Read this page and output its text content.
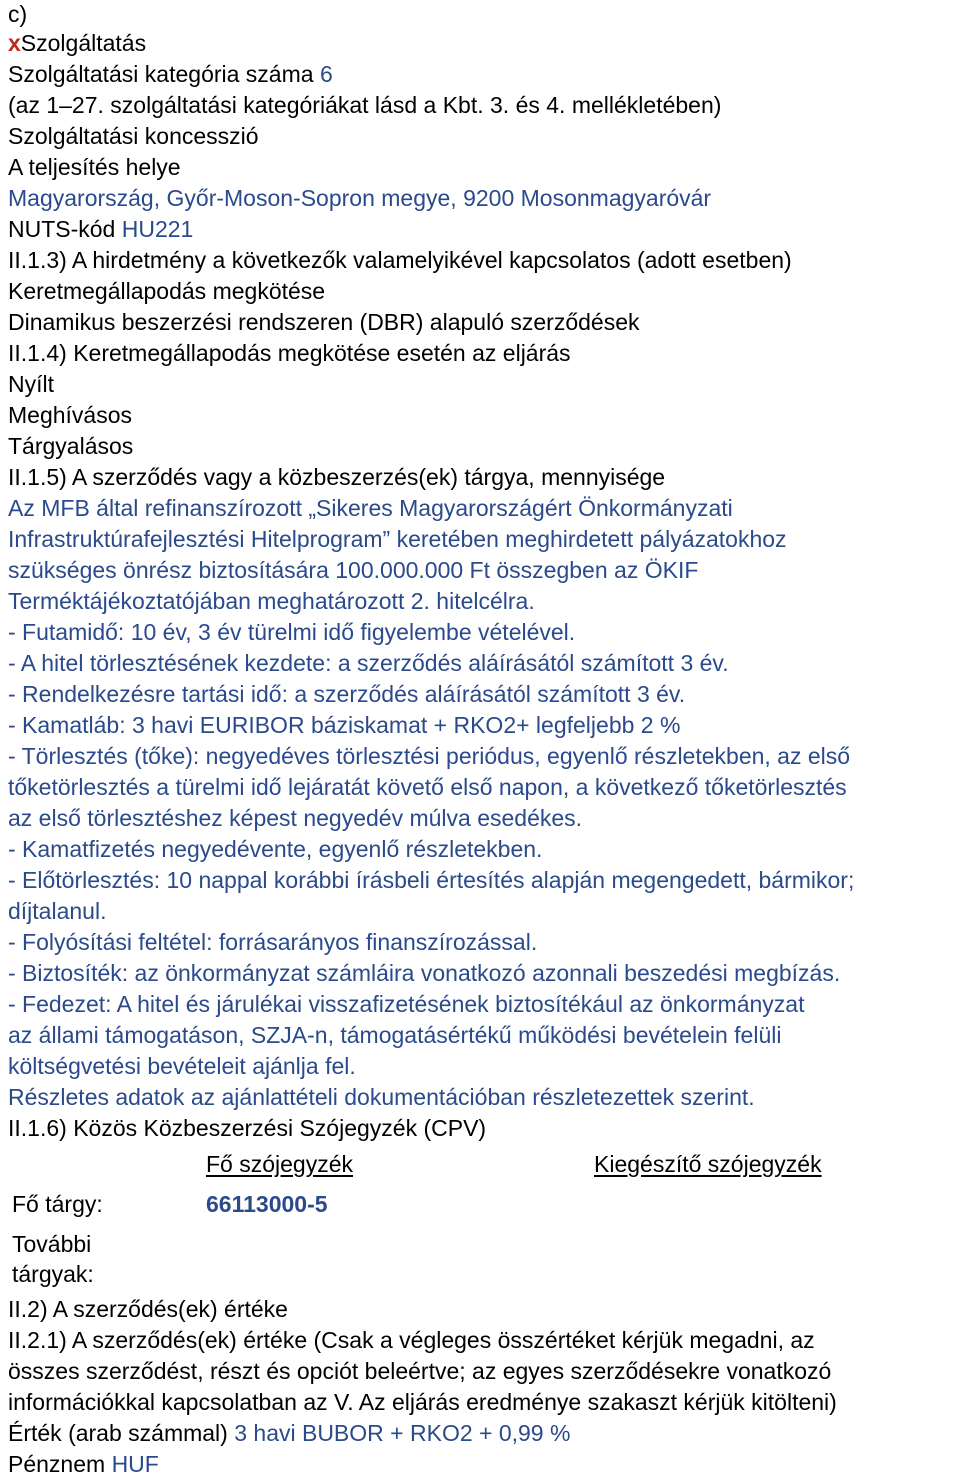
c)
xSzolgáltatás
Szolgáltatási kategória száma 6
(az 1–27. szolgáltatási kategóriákat lásd a Kbt. 3. és 4. mellékletében)
Szolgáltatási koncesszió
A teljesítés helye
Magyarország, Győr-Moson-Sopron megye, 9200 Mosonmagyaróvár
NUTS-kód HU221
II.1.3) A hirdetmény a következők valamelyikével kapcsolatos (adott esetben)
Keretmegállapodás megkötése
Dinamikus beszerzési rendszeren (DBR) alapuló szerződések
II.1.4) Keretmegállapodás megkötése esetén az eljárás
Nyílt
Meghívásos
Tárgyalásos
II.1.5) A szerződés vagy a közbeszerzés(ek) tárgya, mennyisége
Az MFB által refinanszírozott „Sikeres Magyarországért Önkormányzati
Infrastruktúrafejlesztési Hitelprogram” keretében meghirdetett pályázatokhoz
szükséges önrész biztosítására 100.000.000 Ft összegben az ÖKIF
Terméktájékoztatójában meghatározott 2. hitelcélra.
- Futamidő: 10 év, 3 év türelmi idő figyelembe vételével.
- A hitel törlesztésének kezdete: a szerződés aláírásától számított 3 év.
- Rendelkezésre tartási idő: a szerződés aláírásától számított 3 év.
- Kamatláb: 3 havi EURIBOR báziskamat + RKO2+ legfeljebb 2 %
- Törlesztés (tőke): negyedéves törlesztési periódus, egyenlő részletekben, az első
tőketörlesztés a türelmi idő lejáratát követő első napon, a következő tőketörlesztés
az első törlesztéshez képest negyedév múlva esedékes.
- Kamatfizetés negyedévente, egyenlő részletekben.
- Előtörlesztés: 10 nappal korábbi írásbeli értesítés alapján megengedett, bármikor;
díjtalanul.
- Folyósítási feltétel: forrásarányos finanszírozással.
- Biztosíték: az önkormányzat számláira vonatkozó azonnali beszedési megbízás.
- Fedezet: A hitel és járulékai visszafizetésének biztosítékául az önkormányzat
az állami támogatáson, SZJA-n, támogatásértékű működési bevételein felüli
költségvetési bevételeit ajánlja fel.
Részletes adatok az ajánlattételi dokumentációban részletezettek szerint.
II.1.6) Közös Közbeszerzési Szójegyzék (CPV)
Fő szójegyzék	Kiegészítő szójegyzék
Fő tárgy:	66113000-5
További
tárgyak:
II.2) A szerződés(ek) értéke
II.2.1) A szerződés(ek) értéke (Csak a végleges összértéket kérjük megadni, az
összes szerződést, részt és opciót beleértve; az egyes szerződésekre vonatkozó
információkkal kapcsolatban az V. Az eljárás eredménye szakaszt kérjük kitölteni)
Érték (arab számmal) 3 havi BUBOR + RKO2 + 0,99 %
Pénznem HUF
